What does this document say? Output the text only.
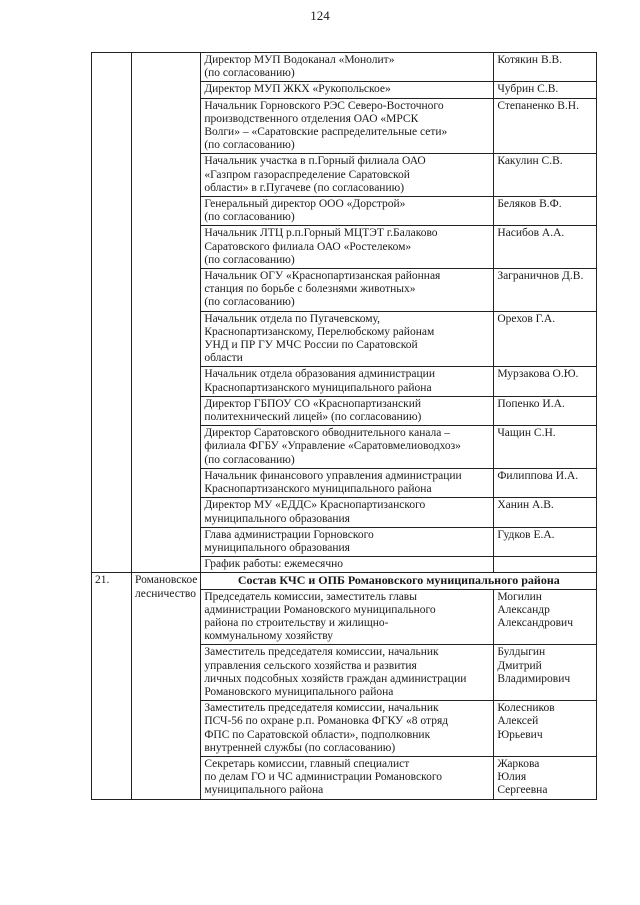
124

		Директор МУП Водоканал «Монолит»
(по согласованию)	Котякин В.В.

		Директор МУП ЖКХ «Рукопольское»	Чубрин С.В.

		Начальник Горновского РЭС Северо-Восточного
производственного отделения ОАО «МРСК
Волги» – «Саратовские распределительные сети»
(по согласованию)	Степаненко В.Н.

		Начальник участка в п.Горный филиала ОАО
«Газпром газораспределение Саратовской
области» в г.Пугачеве (по согласованию)	Какулин С.В.

		Генеральный директор ООО «Дорстрой»
(по согласованию)	Беляков В.Ф.

		Начальник ЛТЦ р.п.Горный МЦТЭТ г.Балаково
Саратовского филиала ОАО «Ростелеком»
(по согласованию)	Насибов А.А.

		Начальник ОГУ «Краснопартизанская районная
станция по борьбе с болезнями животных»
(по согласованию)	Заграничнов Д.В.

		Начальник отдела по Пугачевскому,
Краснопартизанскому, Перелюбскому районам
УНД и ПР ГУ МЧС России по Саратовской
области	Орехов Г.А.

		Начальник отдела образования администрации
Краснопартизанского муниципального района	Мурзакова О.Ю.

		Директор ГБПОУ СО «Краснопартизанский
политехнический лицей» (по согласованию)	Попенко И.А.

		Директор Саратовского обводнительного канала –
филиала ФГБУ «Управление «Саратовмелиоводхоз»
(по согласованию)	Чащин С.Н.

		Начальник финансового управления администрации
Краснопартизанского муниципального района	Филиппова И.А.

		Директор МУ «ЕДДС» Краснопартизанского
муниципального образования	Ханин А.В.

		Глава администрации Горновского
муниципального образования	Гудков Е.А.

		График работы: ежемесячно	

21.	Романовское лесничество	Состав КЧС и ОПБ Романовского муниципального района	

		Председатель комиссии, заместитель главы
администрации Романовского муниципального
района по строительству и жилищно-
коммунальному хозяйству	Могилин
Александр
Александрович

		Заместитель председателя комиссии, начальник
управления сельского хозяйства и развития
личных подсобных хозяйств граждан администрации
Романовского муниципального района	Булдыгин
Дмитрий
Владимирович

		Заместитель председателя комиссии, начальник
ПСЧ-56 по охране р.п. Романовка ФГКУ «8 отряд
ФПС по Саратовской области», подполковник
внутренней службы (по согласованию)	Колесников
Алексей
Юрьевич

		Секретарь комиссии, главный специалист
по делам ГО и ЧС администрации Романовского
муниципального района	Жаркова
Юлия
Сергеевна
